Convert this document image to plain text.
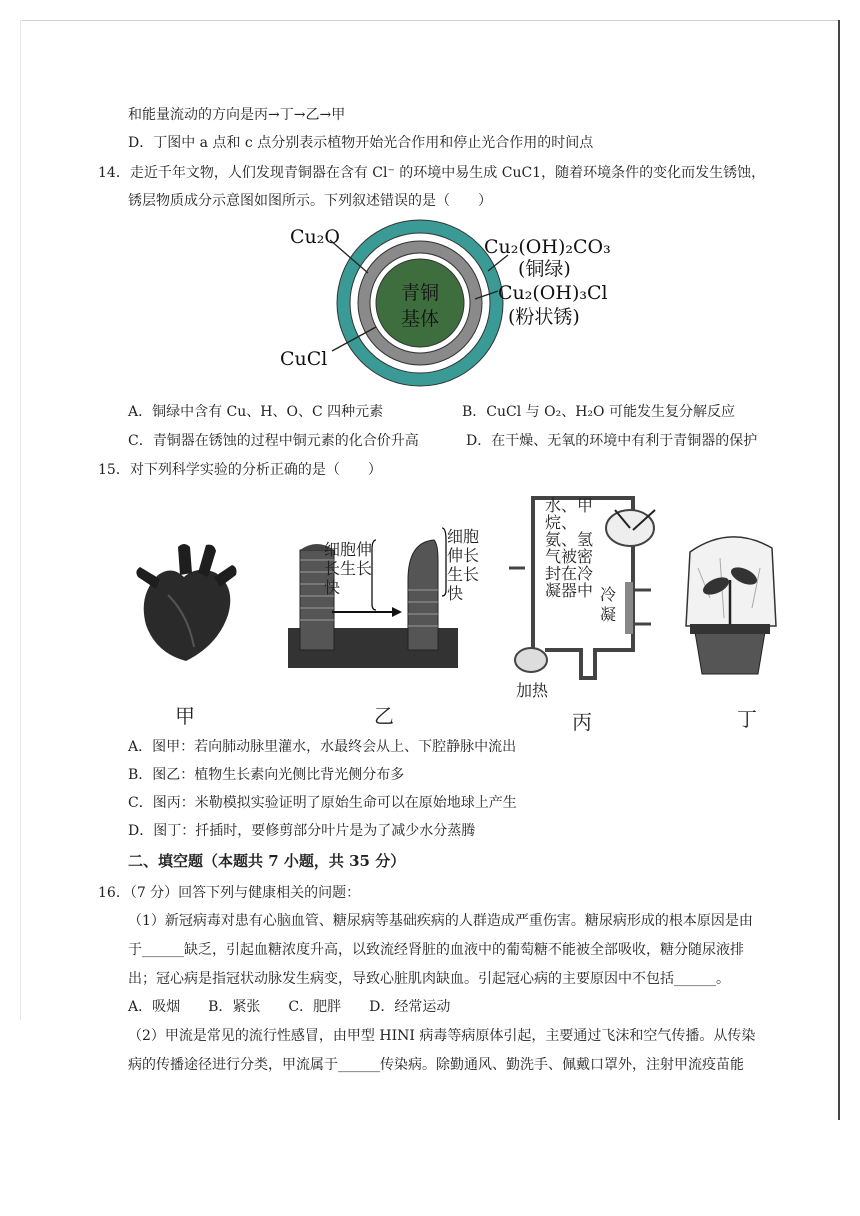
和能量流动的方向是丙→丁→乙→甲
D．丁图中 a 点和 c 点分别表示植物开始光合作用和停止光合作用的时间点
14．走近千年文物，人们发现青铜器在含有 Cl⁻ 的环境中易生成 CuC1，随着环境条件的变化而发生锈蚀，
锈层物质成分示意图如图所示。下列叙述错误的是（　　）
青铜
基体
Cu₂O	Cu₂(OH)₂CO₃
(铜绿)
Cu₂(OH)₃Cl
(粉状锈)
CuCl
A．铜绿中含有 Cu、H、O、C 四种元素	B．CuCl 与 O₂、H₂O 可能发生复分解反应
C．青铜器在锈蚀的过程中铜元素的化合价升高	D．在干燥、无氧的环境中有利于青铜器的保护
15．对下列科学实验的分析正确的是（　　）
甲
细胞伸长生长快
细胞伸长生长快
乙
水、甲烷、氨、氢气被密封在冷凝器中 冷凝
加热
丙	丁
A．图甲：若向肺动脉里灌水，水最终会从上、下腔静脉中流出
B．图乙：植物生长素向光侧比背光侧分布多
C．图丙：米勒模拟实验证明了原始生命可以在原始地球上产生
D．图丁：扦插时，要修剪部分叶片是为了减少水分蒸腾
二、填空题（本题共 7 小题，共 35 分）
16．（7 分）回答下列与健康相关的问题：
（1）新冠病毒对患有心脑血管、糖尿病等基础疾病的人群造成严重伤害。糖尿病形成的根本原因是由
于______缺乏，引起血糖浓度升高，以致流经肾脏的血液中的葡萄糖不能被全部吸收，糖分随尿液排
出；冠心病是指冠状动脉发生病变，导致心脏肌肉缺血。引起冠心病的主要原因中不包括______。
A．吸烟　　B．紧张　　C．肥胖　　D．经常运动
（2）甲流是常见的流行性感冒，由甲型 HINI 病毒等病原体引起，主要通过飞沫和空气传播。从传染
病的传播途径进行分类，甲流属于______传染病。除勤通风、勤洗手、佩戴口罩外，注射甲流疫苗能
